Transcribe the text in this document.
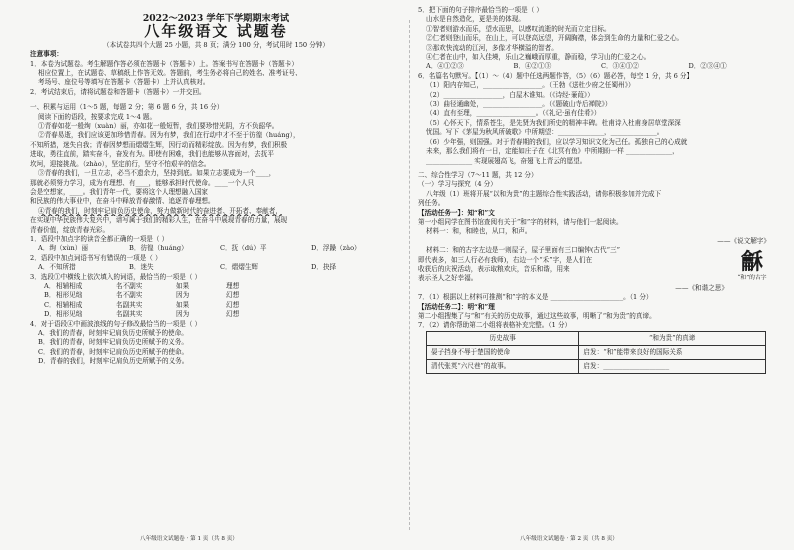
2022～2023 学年下学期期末考试
八年级语文 试题卷
（本试卷共四个大题 25 小题，共 8 页；满分 100 分，考试用时 150 分钟）
注意事项：
1．本卷为试题卷。考生解题作答必须在答题卡（答题卡）上。答案书写在答题卡（答题卡）
相应位置上，在试题卷、草稿纸上作答无效。答题前，考生务必将自己的姓名、准考证号、
考场号、座位号等填写在答题卡（答题卡）上并认真核对。
2．考试结束后，请将试题卷和答题卡（答题卡）一并交回。
一、积累与运用（1～5 题，每题 2 分；第 6 题 6 分，共 16 分）
阅读下面的语段，按要求完成 1～4 题。
①青春如花一般绚（xuàn）丽，亦如花一般短暂，我们要珍惜光阴，方不负韶华。
②青春易逝，我们应该更加珍惜青春。因为有梦，我们在行动中才不至于彷徨（huáng），
不知所措，迷失自我；青春因梦想而熠熠生辉，因行动而精彩绽放。因为有梦，我们积极
进取，勇往直前，踏实奋斗，奋发有为。即使有困难，我们也能够从容面对，去抚平
坎坷，迎接挑战。（zhào），坚定前行，坚守不怕艰辛的信念。
③青春的我们，一旦立志，必当不遗余力，坚持到底。如果立志要成为一个____，
那就必须努力学习，成为有理想、有____，能够承担时代使命。____一个人只
会是空想家，____。我们青年一代，要将这个人理想融入国家
和民族的伟大事业中，在奋斗中释放青春激情、追逐青春理想。
④青春的我们，时刻牢记肩负历史使命，努力做新时代的奋进者、开拓者、奉献者，
在实现中华民族伟大复兴中，谱写属于我们的精彩人生，在奋斗中展现青春的力量，展现
青春价值，绽放青春光彩。
1．语段中加点字的读音全都正确的一项是（ ）
A．绚（xùn）丽	B．彷徨（huáng）	C．抚（dú）平	D．浮躁（zào）
2．语段中加点词语书写有错误的一项是（ ）
A．不知所措	B．迷失	C．熠熠生辉	D．抉择
3．选段①中横线上依次填入的词语，最恰当的一项是（ ）
A． 相辅相成	名不副实	如果	理想
B． 相形见绌	名不副实	因为	幻想
C． 相辅相成	名副其实	如果	幻想
D． 相形见绌	名副其实	因为	幻想
4．对于语段④中画波浪线的句子修改最恰当的一项是（ ）
A．我们的青春，时刻牢记肩负历史所赋予的使命。
B．我们的青春，时刻牢记肩负历史所赋予的义务。
C．我们的青春，时刻牢记肩负历史所赋予的使命。
D．青春的我们，时刻牢记肩负历史所赋予的义务。
八年级语文试题卷 · 第 1 页（共 8 页）
5．把下面的句子排序最恰当的一项是（ ）
山水是自然造化，更是美的体现。
①智者则游水而乐，望水而思，以感叹流逝的时光而立定目标。
②仁者则登山而乐，在山上，可以登高远望，开阔胸襟，体会到生命的力量和仁爱之心。
③那欢快流动的江河，多像才华横溢的智者。
④仁者在山中，如入佳境，乐山之巍峨而厚重，静而稳，学习山的仁爱之心。
A．④①②③	B．④②①③	C．③④①②	D．②③④①
6．名篇名句默写。【（1）～（4）题中任选两题作答，（5）（6）题必答，每空 1 分，共 6 分】
（1）阳内存知己，__________________。（王勃《送杜少府之任蜀州》）
（2）__________________，白屋木谁知。（《诗经·蒹葭》）
（3）曲径通幽处，__________________。（《题破山寺后禅院》）
（4）直有至理，__________________。（《礼记·虽有佳肴》）
（5）心怀天下，情系苍生，是先贤为我们所史的精神丰碑。杜甫诗入杜甫身居草堂深深
忧国。写下《茅屋为秋风所破歌》中所期望：______________，______________。
（6）少年强，则国强。对于青春期的我们，应以学习知识文化为己任。孤独自己的心成就
未来，那么我们将有一日，定能如庄子在《北冥有鱼》中所期盼一样 ______________，
______________ 实现展翅高飞，奋翅飞上青云的愿望。
二、综合性学习（7～11 题，共 12 分）
（一）学习与探究（4 分）
八年级（1）班将开展“以和为贵”的主题综合性实践活动，请你积极参加并完成下
列任务。
【活动任务一】：知“和”文
第一小组同学在图书馆查阅有关于“和”字的材料，请与他们一起阅读。
材料一：和，和睦也，从口，和声。
——《说文解字》
材料二：和的古字左边是一则屋子，屋子里面有三口编钟(古代“三”
即代表多，如三人行必有我师)，右边一个“禾”字，是人们在
收获后的庆祝活动，表示取粮欢庆，音乐和谐，用来
表示圣人之好幸福。
——《和谐之思》
龢
“和”的古字
7．（1）根据以上材料可推测“和”字的本义是 ______________________。（1 分）
【活动任务二】：明“和”理
第二小组搜集了与“和”有关的历史故事，通过这些故事，明晰了“和为贵”的真谛。
7．（2）请你帮助第二小组将表格补充完整。（1 分）
历史故事	“和为贵”的真谛
晏子挡身不辱于楚国的使命	启发：“和”能带来良好的国际关系
清代张英“六尺巷”的故事。	启发：____________________
八年级语文试题卷 · 第 2 页（共 8 页）
